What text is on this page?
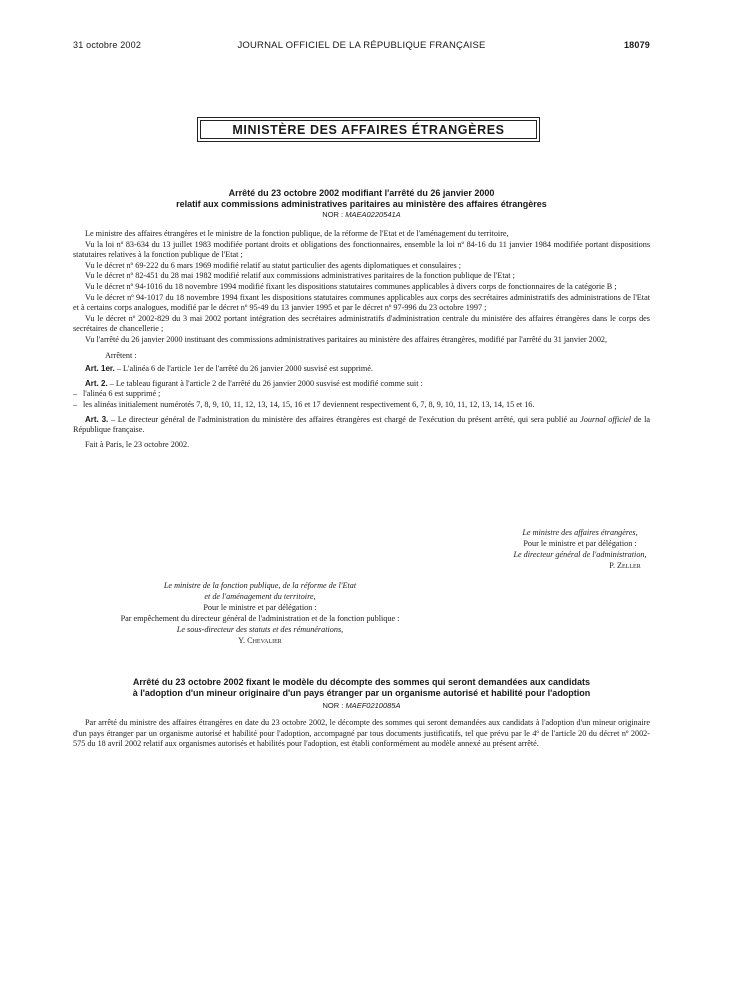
31 octobre 2002	JOURNAL OFFICIEL DE LA RÉPUBLIQUE FRANÇAISE	18079
MINISTÈRE DES AFFAIRES ÉTRANGÈRES
Arrêté du 23 octobre 2002 modifiant l'arrêté du 26 janvier 2000
relatif aux commissions administratives paritaires au ministère des affaires étrangères
NOR : MAEA0220541A

Le ministre des affaires étrangères et le ministre de la fonction publique, de la réforme de l'Etat et de l'aménagement du territoire,

Vu la loi nº 83-634 du 13 juillet 1983 modifiée portant droits et obligations des fonctionnaires, ensemble la loi nº 84-16 du 11 janvier 1984 modifiée portant dispositions statutaires relatives à la fonction publique de l'Etat ;

Vu le décret nº 69-222 du 6 mars 1969 modifié relatif au statut particulier des agents diplomatiques et consulaires ;

Vu le décret nº 82-451 du 28 mai 1982 modifié relatif aux commissions administratives paritaires de la fonction publique de l'Etat ;

Vu le décret nº 94-1016 du 18 novembre 1994 modifié fixant les dispositions statutaires communes applicables à divers corps de fonctionnaires de la catégorie B ;

Vu le décret nº 94-1017 du 18 novembre 1994 fixant les dispositions statutaires communes applicables aux corps des secrétaires administratifs des administrations de l'Etat et à certains corps analogues, modifié par le décret nº 95-49 du 13 janvier 1995 et par le décret nº 97-996 du 23 octobre 1997 ;

Vu le décret nº 2002-829 du 3 mai 2002 portant intégration des secrétaires administratifs d'administration centrale du ministère des affaires étrangères dans le corps des secrétaires de chancellerie ;

Vu l'arrêté du 26 janvier 2000 instituant des commissions administratives paritaires au ministère des affaires étrangères, modifié par l'arrêté du 31 janvier 2002,

Arrêtent :

Art. 1er. – L'alinéa 6 de l'article 1er de l'arrêté du 26 janvier 2000 susvisé est supprimé.

Art. 2. – Le tableau figurant à l'article 2 de l'arrêté du 26 janvier 2000 susvisé est modifié comme suit :

– l'alinéa 6 est supprimé ;

– les alinéas initialement numérotés 7, 8, 9, 10, 11, 12, 13, 14, 15, 16 et 17 deviennent respectivement 6, 7, 8, 9, 10, 11, 12, 13, 14, 15 et 16.

Art. 3. – Le directeur général de l'administration du ministère des affaires étrangères est chargé de l'exécution du présent arrêté, qui sera publié au Journal officiel de la République française.

Fait à Paris, le 23 octobre 2002.

Le ministre des affaires étrangères,
Pour le ministre et par délégation :
Le directeur général de l'administration,
P. Zeller
Le ministre de la fonction publique, de la réforme de l'Etat
et de l'aménagement du territoire,
Pour le ministre et par délégation :
Par empêchement du directeur général de l'administration et de la fonction publique :
Le sous-directeur des statuts et des rémunérations,
Y. Chevalier
Arrêté du 23 octobre 2002 fixant le modèle du décompte des sommes qui seront demandées aux candidats
à l'adoption d'un mineur originaire d'un pays étranger par un organisme autorisé et habilité pour l'adoption
NOR : MAEF0210085A

Par arrêté du ministre des affaires étrangères en date du 23 octobre 2002, le décompte des sommes qui seront demandées aux candidats à l'adoption d'un mineur originaire d'un pays étranger par un organisme autorisé et habilité pour l'adoption, accompagné par tous documents justificatifs, tel que prévu par le 4º de l'article 20 du décret nº 2002-575 du 18 avril 2002 relatif aux organismes autorisés et habilités pour l'adoption, est établi conformément au modèle annexé au présent arrêté.
